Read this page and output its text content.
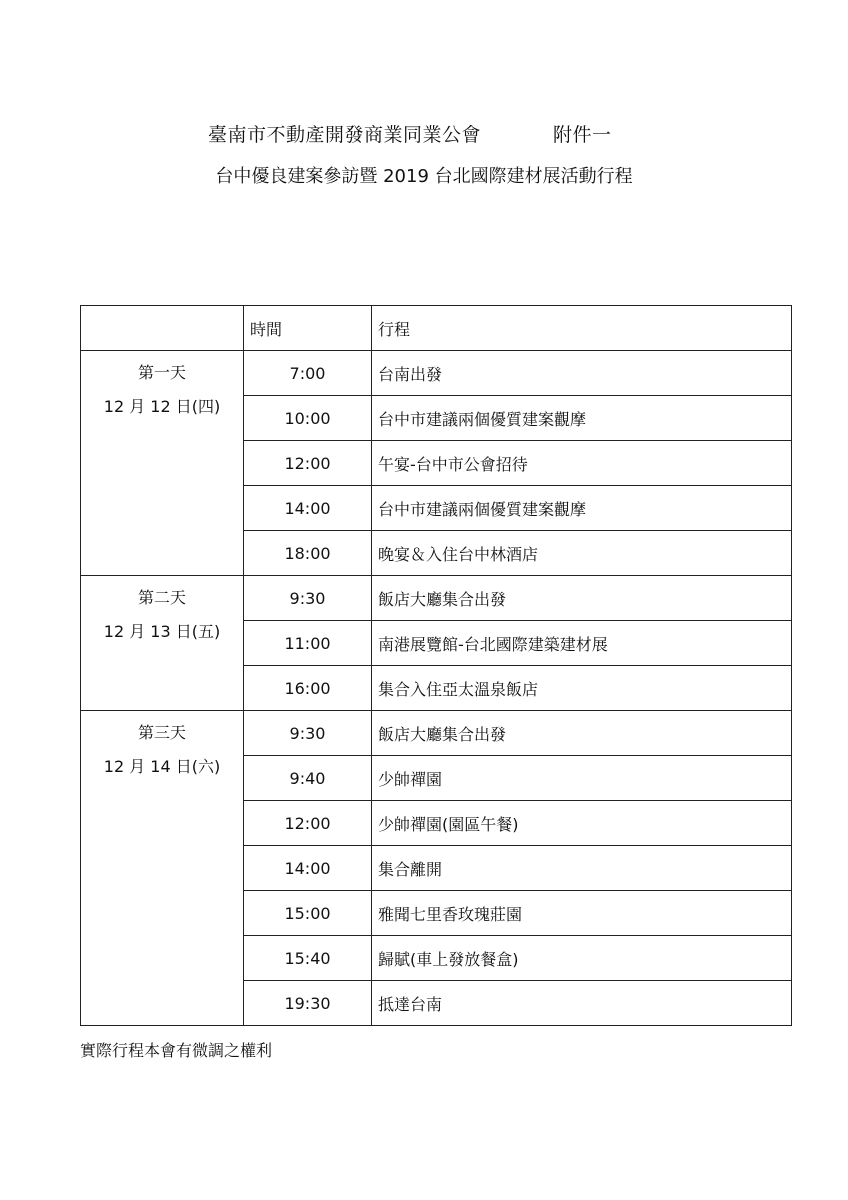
臺南市不動產開發商業同業公會	附件一
台中優良建案參訪暨 2019 台北國際建材展活動行程
	時間	行程

第一天
12 月 12 日(四)	7:00	台南出發
	10:00	台中市建議兩個優質建案觀摩
	12:00	午宴-台中市公會招待
	14:00	台中市建議兩個優質建案觀摩
	18:00	晚宴＆入住台中林酒店

第二天
12 月 13 日(五)	9:30	飯店大廳集合出發
	11:00	南港展覽館-台北國際建築建材展
	16:00	集合入住亞太溫泉飯店

第三天
12 月 14 日(六)	9:30	飯店大廳集合出發
	9:40	少帥禪園
	12:00	少帥禪園(園區午餐)
	14:00	集合離開
	15:00	雅聞七里香玫瑰莊園
	15:40	歸賦(車上發放餐盒)
	19:30	抵達台南
實際行程本會有微調之權利
